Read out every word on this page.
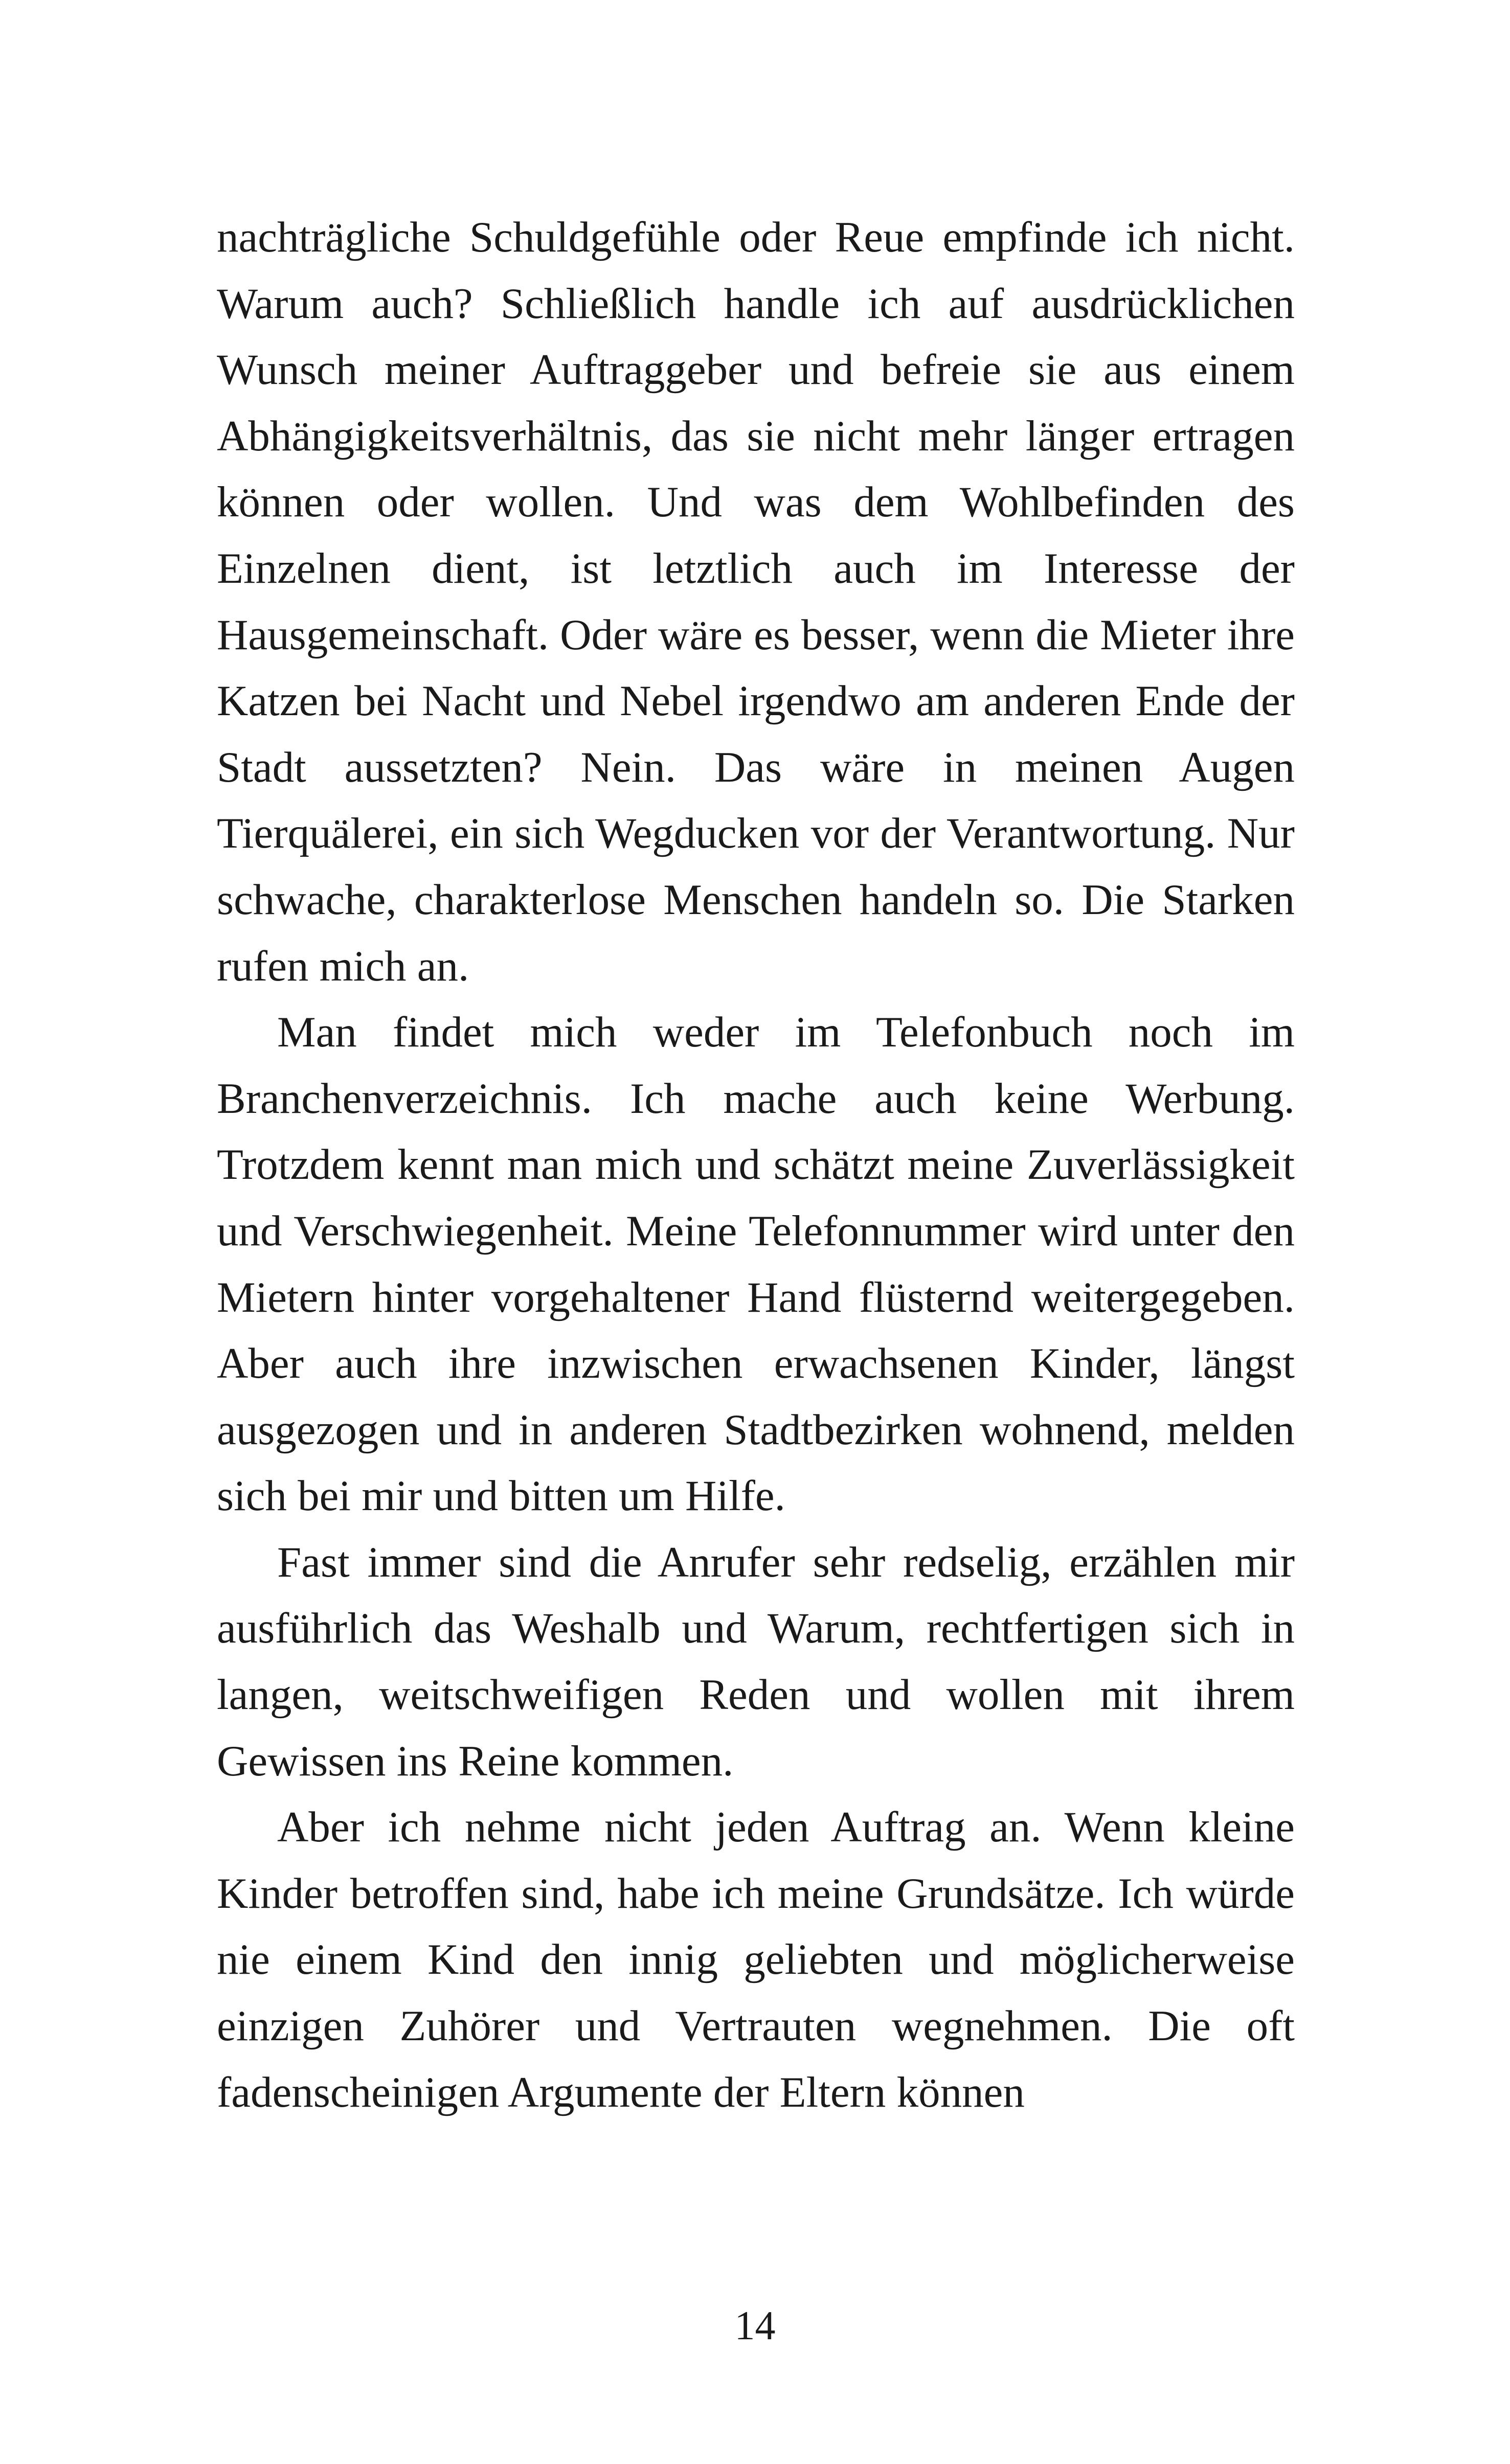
nachträgliche Schuldgefühle oder Reue empfinde ich nicht. Warum auch? Schließlich handle ich auf ausdrücklichen Wunsch meiner Auftraggeber und befreie sie aus einem Abhängigkeitsverhältnis, das sie nicht mehr länger ertragen können oder wollen. Und was dem Wohlbefinden des Einzelnen dient, ist letztlich auch im Interesse der Hausgemeinschaft. Oder wäre es besser, wenn die Mieter ihre Katzen bei Nacht und Nebel irgendwo am anderen Ende der Stadt aussetzten? Nein. Das wäre in meinen Augen Tierquälerei, ein sich Wegducken vor der Verantwortung. Nur schwache, charakterlose Menschen handeln so. Die Starken rufen mich an.

Man findet mich weder im Telefonbuch noch im Branchenverzeichnis. Ich mache auch keine Werbung. Trotzdem kennt man mich und schätzt meine Zuverlässigkeit und Verschwiegenheit. Meine Telefonnummer wird unter den Mietern hinter vorgehaltener Hand flüsternd weitergegeben. Aber auch ihre inzwischen erwachsenen Kinder, längst ausgezogen und in anderen Stadtbezirken wohnend, melden sich bei mir und bitten um Hilfe.

Fast immer sind die Anrufer sehr redselig, erzählen mir ausführlich das Weshalb und Warum, rechtfertigen sich in langen, weitschweifigen Reden und wollen mit ihrem Gewissen ins Reine kommen.

Aber ich nehme nicht jeden Auftrag an. Wenn kleine Kinder betroffen sind, habe ich meine Grundsätze. Ich würde nie einem Kind den innig geliebten und möglicherweise einzigen Zuhörer und Vertrauten wegnehmen. Die oft fadenscheinigen Argumente der Eltern können

14
